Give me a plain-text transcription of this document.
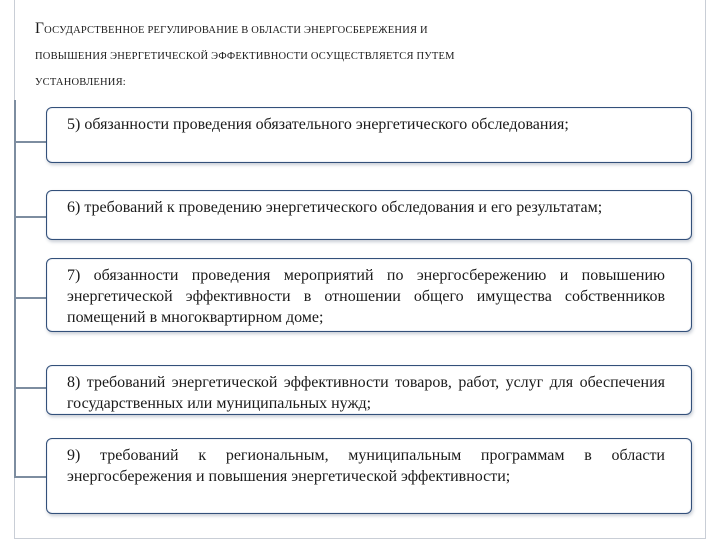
ГОСУДАРСТВЕННОЕ РЕГУЛИРОВАНИЕ В ОБЛАСТИ ЭНЕРГОСБЕРЕЖЕНИЯ И
ПОВЫШЕНИЯ ЭНЕРГЕТИЧЕСКОЙ ЭФФЕКТИВНОСТИ ОСУЩЕСТВЛЯЕТСЯ ПУТЕМ
УСТАНОВЛЕНИЯ:
5) обязанности проведения обязательного энергетического обследования;
6) требований к проведению энергетического обследования и его результатам;
7) обязанности проведения мероприятий по энергосбережению и повышению энергетической эффективности в отношении общего имущества собственников помещений в многоквартирном доме;
8) требований энергетической эффективности товаров, работ, услуг для обеспечения государственных или муниципальных нужд;
9) требований к региональным, муниципальным программам в области энергосбережения и повышения энергетической эффективности;
